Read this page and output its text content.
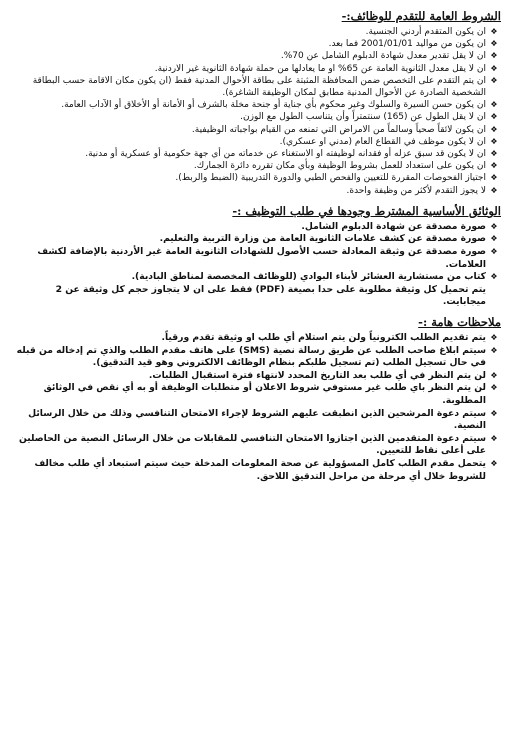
الشروط العامة للتقدم للوظائف:-
❖
ان يكون المتقدم أردني الجنسية.
❖
ان يكون من مواليد 2001/01/01 فما بعد.
❖
ان لا يقل تقدير معدل شهادة الدبلوم الشامل عن 70%.
❖
ان لا يقل معدل الثانوية العامة عن 65% او ما يعادلها من حملة شهادة الثانوية غير الاردنية.
❖
ان يتم التقدم على التخصص ضمن المحافظة المثبتة على بطاقة الأحوال المدنية فقط (ان يكون مكان الاقامة حسب البطاقة الشخصية الصادرة عن الأحوال المدنية مطابق لمكان الوظيفة الشاغرة).
❖
ان يكون حسن السيرة والسلوك وغير محكوم بأي جناية أو جنحة مخلة بالشرف أو الأمانة أو الأخلاق أو الآداب العامة.
❖
ان لا يقل الطول عن (165) سنتمتراً وأن يتناسب الطول مع الوزن.
❖
ان يكون لائقاً صحياً وسالماً من الامراض التي تمنعه من القيام بواجباته الوظيفية.
❖
ان لا يكون موظف في القطاع العام (مدني او عسكري).
❖
ان لا يكون قد سبق عزله أو فقدانه لوظيفته او الاستغناء عن خدماته من أي جهة حكومية أو عسكرية أو مدنية.
❖
ان يكون على استعداد للعمل بشروط الوظيفة وبأي مكان تقرره دائرة الجمارك.
❖
اجتياز الفحوصات المقررة للتعيين والفحص الطبي والدورة التدريبية (الضبط والربط).
❖
لا يجوز التقدم لأكثر من وظيفة واحدة.
الوثائق الأساسية المشترط وجودها في طلب التوظيف :-
❖
صورة مصدقة عن شهادة الدبلوم الشامل.
❖
صورة مصدقة عن كشف علامات الثانوية العامة من وزارة التربية والتعليم.
❖
صورة مصدقة عن وثيقة المعادلة حسب الأصول للشهادات الثانوية العامة غير الأردنية بالإضافة لكشف العلامات.
❖
كتاب من مستشارية العشائر لأبناء البوادي (للوظائف المخصصة لمناطق البادية).
يتم تحميل كل وثيقة مطلوبة على حدا بصيغة (PDF) فقط على ان لا يتجاوز حجم كل وثيقة عن 2 ميجابايت.
ملاحظات هامة :-
❖
يتم تقديم الطلب الكترونياً ولن يتم استلام أي طلب او وثيقة تقدم ورقياً.
❖
سيتم ابلاغ صاحب الطلب عن طريق رسالة نصية (SMS) على هاتف مقدم الطلب والذي تم إدخاله من قبله في حال تسجيل الطلب (تم تسجيل طلبكم بنظام الوظائف الالكتروني وهو قيد التدقيق).
❖
لن يتم النظر في أي طلب بعد التاريخ المحدد لانتهاء فترة استقبال الطلبات.
❖
لن يتم النظر باي طلب غير مستوفي شروط الاعلان أو متطلبات الوظيفة أو به أي نقص في الوثائق المطلوبة.
❖
سيتم دعوة المرشحين الذين انطبقت عليهم الشروط لإجراء الامتحان التنافسي وذلك من خلال الرسائل النصية.
❖
سيتم دعوة المتقدمين الذين اجتازوا الامتحان التنافسي للمقابلات من خلال الرسائل النصية من الحاصلين على أعلى نقاط للتعيين.
❖
يتحمل مقدم الطلب كامل المسؤولية عن صحة المعلومات المدخلة حيث سيتم استبعاد أي طلب مخالف للشروط خلال أي مرحلة من مراحل التدقيق اللاحق.
